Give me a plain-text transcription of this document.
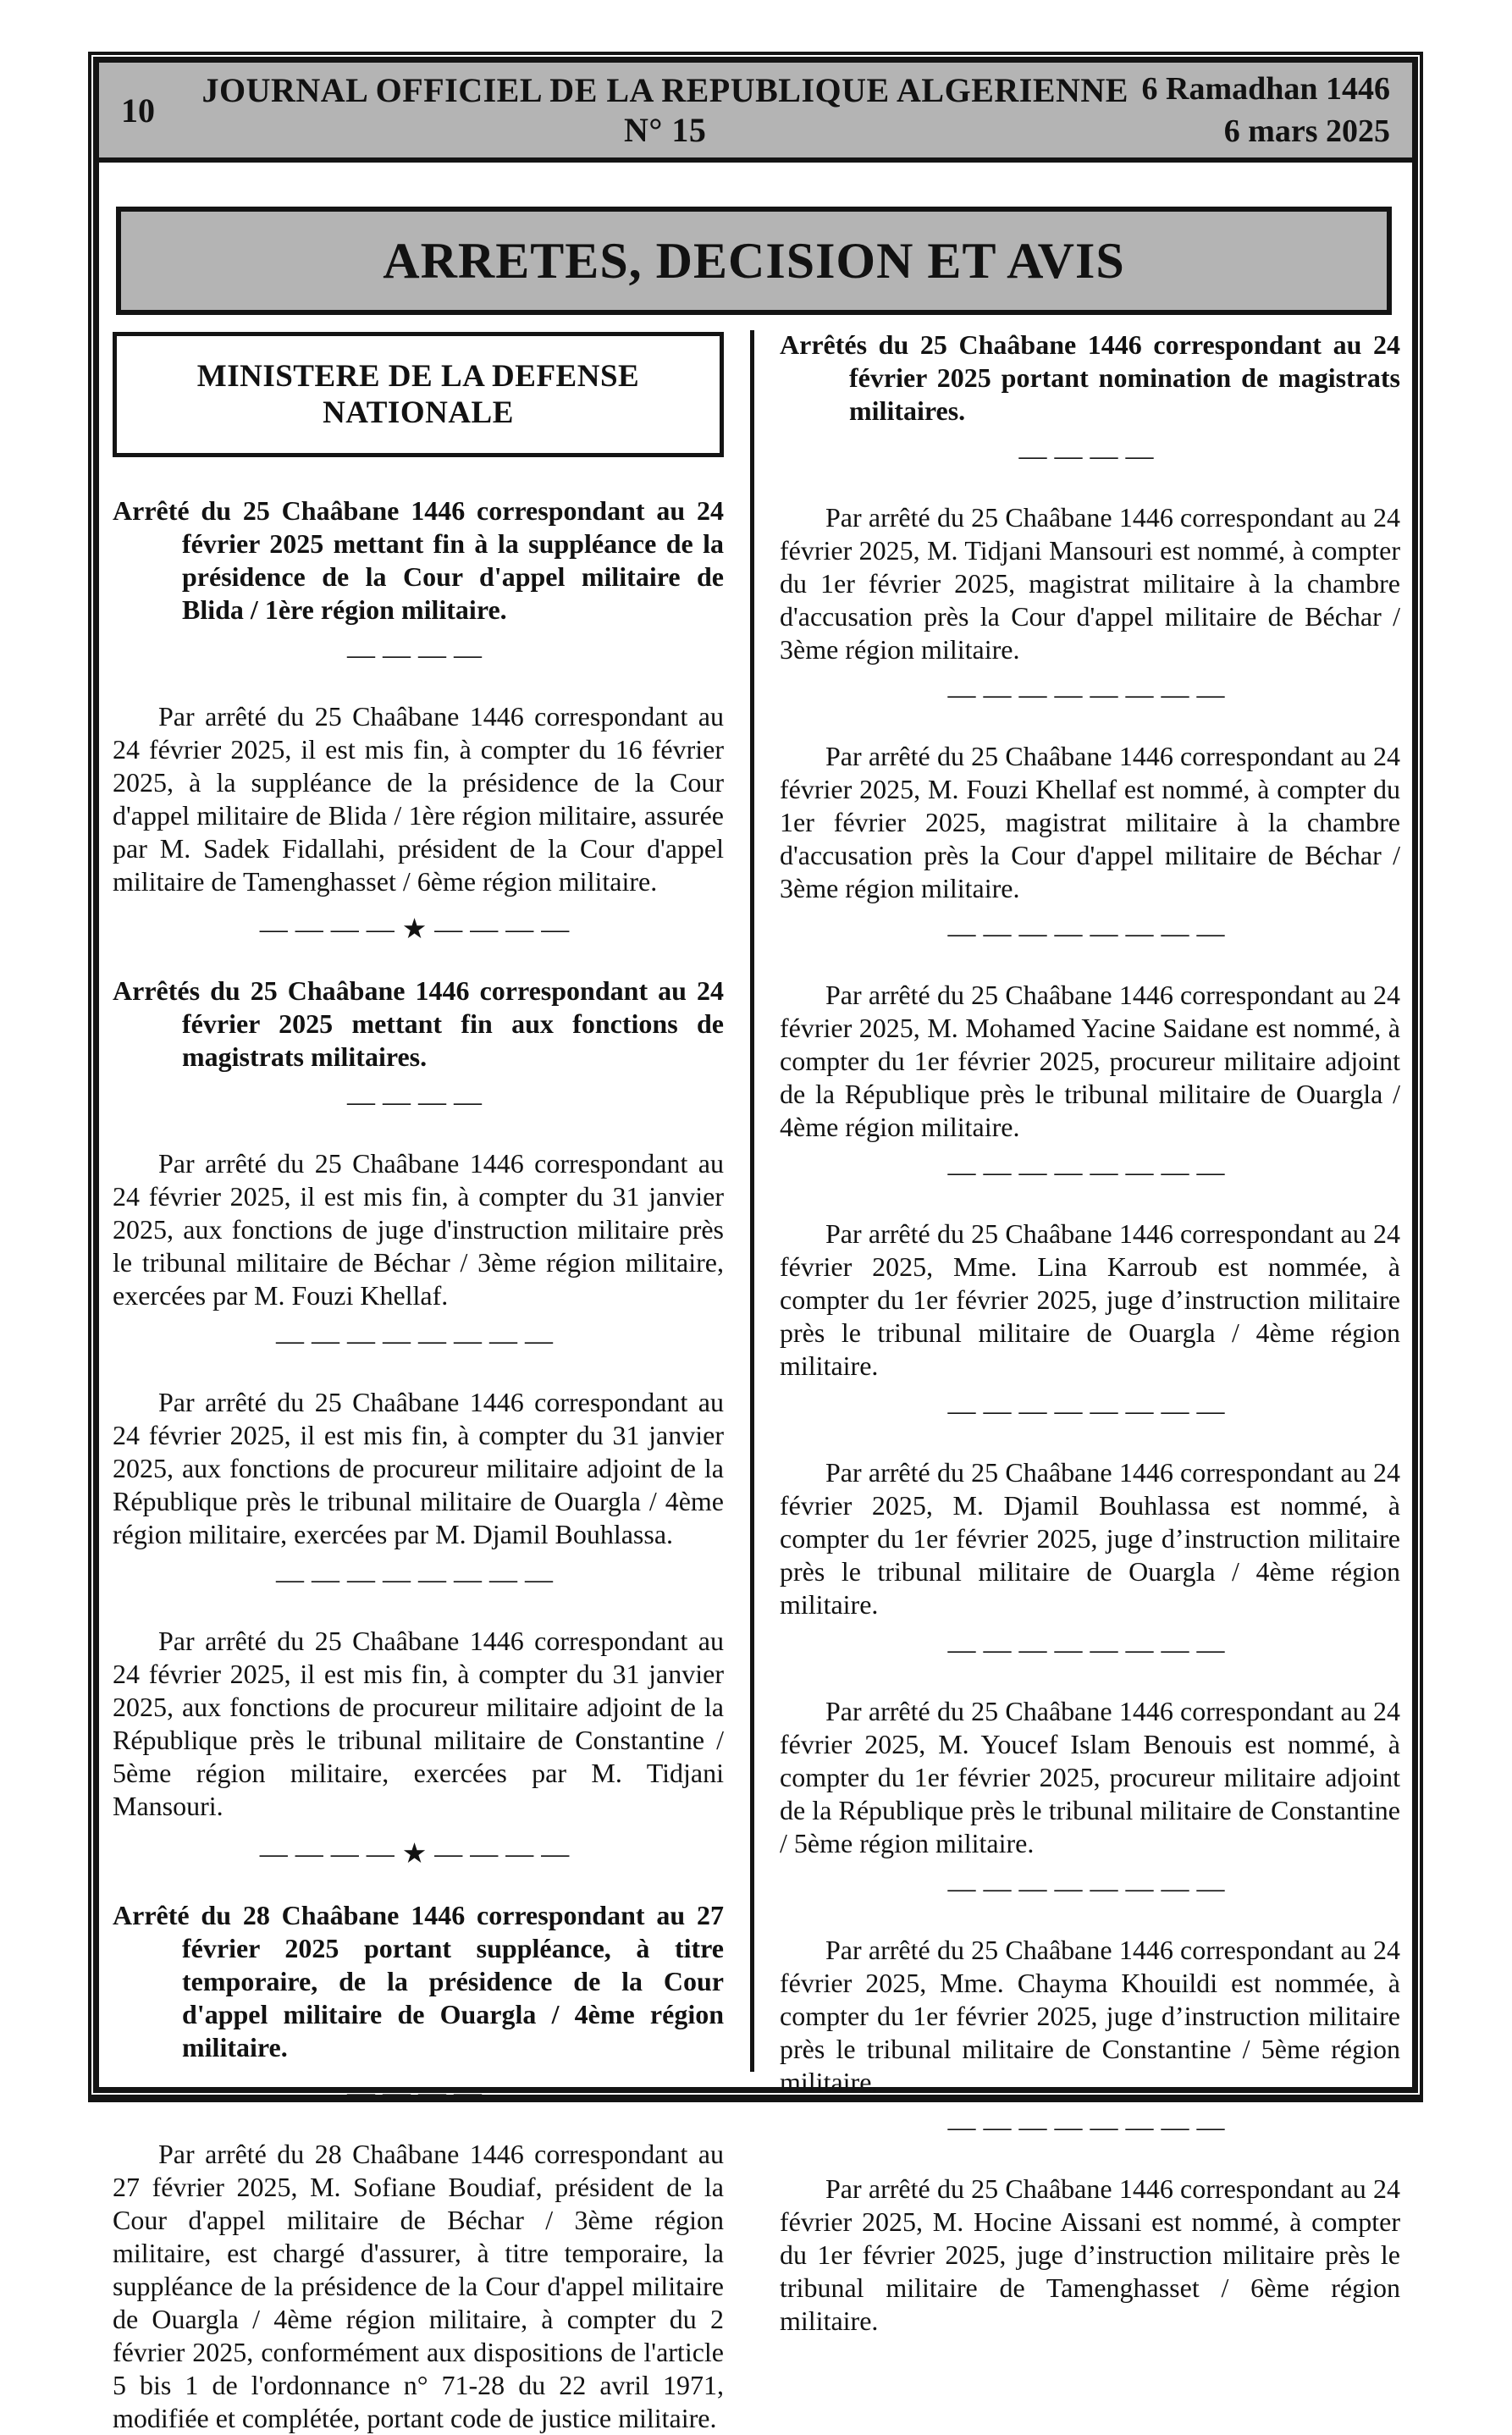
10
JOURNAL OFFICIEL DE LA REPUBLIQUE ALGERIENNE N° 15
6 Ramadhan 1446
6 mars 2025
ARRETES, DECISION ET AVIS
MINISTERE DE LA DEFENSE NATIONALE
Arrêté du 25 Chaâbane 1446 correspondant au 24 février 2025 mettant fin à la suppléance de la présidence de la Cour d'appel militaire de Blida / 1ère région militaire.
————
Par arrêté du 25 Chaâbane 1446 correspondant au 24 février 2025, il est mis fin, à compter du 16 février 2025, à la suppléance de la présidence de la Cour d'appel militaire de Blida / 1ère région militaire, assurée par M. Sadek Fidallahi, président de la Cour d'appel militaire de Tamenghasset / 6ème région militaire.
————★————
Arrêtés du 25 Chaâbane 1446 correspondant au 24 février 2025 mettant fin aux fonctions de magistrats militaires.
————
Par arrêté du 25 Chaâbane 1446 correspondant au 24 février 2025, il est mis fin, à compter du 31 janvier 2025, aux fonctions de juge d'instruction militaire près le tribunal militaire de Béchar / 3ème région militaire, exercées par M. Fouzi Khellaf.
————————
Par arrêté du 25 Chaâbane 1446 correspondant au 24 février 2025, il est mis fin, à compter du 31 janvier 2025, aux fonctions de procureur militaire adjoint de la République près le tribunal militaire de Ouargla / 4ème région militaire, exercées par M. Djamil Bouhlassa.
————————
Par arrêté du 25 Chaâbane 1446 correspondant au 24 février 2025, il est mis fin, à compter du 31 janvier 2025, aux fonctions de procureur militaire adjoint de la République près le tribunal militaire de Constantine / 5ème région militaire, exercées par M. Tidjani Mansouri.
————★————
Arrêté du 28 Chaâbane 1446 correspondant au 27 février 2025 portant suppléance, à titre temporaire, de la présidence de la Cour d'appel militaire de Ouargla / 4ème région militaire.
————
Par arrêté du 28 Chaâbane 1446 correspondant au 27 février 2025, M. Sofiane Boudiaf, président de la Cour d'appel militaire de Béchar / 3ème région militaire, est chargé d'assurer, à titre temporaire, la suppléance de la présidence de la Cour d'appel militaire de Ouargla / 4ème région militaire, à compter du 2 février 2025, conformément aux dispositions de l'article 5 bis 1 de l'ordonnance n° 71-28 du 22 avril 1971, modifiée et complétée, portant code de justice militaire.
Arrêtés du 25 Chaâbane 1446 correspondant au 24 février 2025 portant nomination de magistrats militaires.
————
Par arrêté du 25 Chaâbane 1446 correspondant au 24 février 2025, M. Tidjani Mansouri est nommé, à compter du 1er février 2025, magistrat militaire à la chambre d'accusation près la Cour d'appel militaire de Béchar / 3ème région militaire.
————————
Par arrêté du 25 Chaâbane 1446 correspondant au 24 février 2025, M. Fouzi Khellaf est nommé, à compter du 1er février 2025, magistrat militaire à la chambre d'accusation près la Cour d'appel militaire de Béchar / 3ème région militaire.
————————
Par arrêté du 25 Chaâbane 1446 correspondant au 24 février 2025, M. Mohamed Yacine Saidane est nommé, à compter du 1er février 2025, procureur militaire adjoint de la République près le tribunal militaire de Ouargla / 4ème région militaire.
————————
Par arrêté du 25 Chaâbane 1446 correspondant au 24 février 2025, Mme. Lina Karroub est nommée, à compter du 1er février 2025, juge d’instruction militaire près le tribunal militaire de Ouargla / 4ème région militaire.
————————
Par arrêté du 25 Chaâbane 1446 correspondant au 24 février 2025, M. Djamil Bouhlassa est nommé, à compter du 1er février 2025, juge d’instruction militaire près le tribunal militaire de Ouargla / 4ème région militaire.
————————
Par arrêté du 25 Chaâbane 1446 correspondant au 24 février 2025, M. Youcef Islam Benouis est nommé, à compter du 1er février 2025, procureur militaire adjoint de la République près le tribunal militaire de Constantine / 5ème région militaire.
————————
Par arrêté du 25 Chaâbane 1446 correspondant au 24 février 2025, Mme. Chayma Khouildi est nommée, à compter du 1er février 2025, juge d’instruction militaire près le tribunal militaire de Constantine / 5ème région militaire.
————————
Par arrêté du 25 Chaâbane 1446 correspondant au 24 février 2025, M. Hocine Aissani est nommé, à compter du 1er février 2025, juge d’instruction militaire près le tribunal militaire de Tamenghasset / 6ème région militaire.
